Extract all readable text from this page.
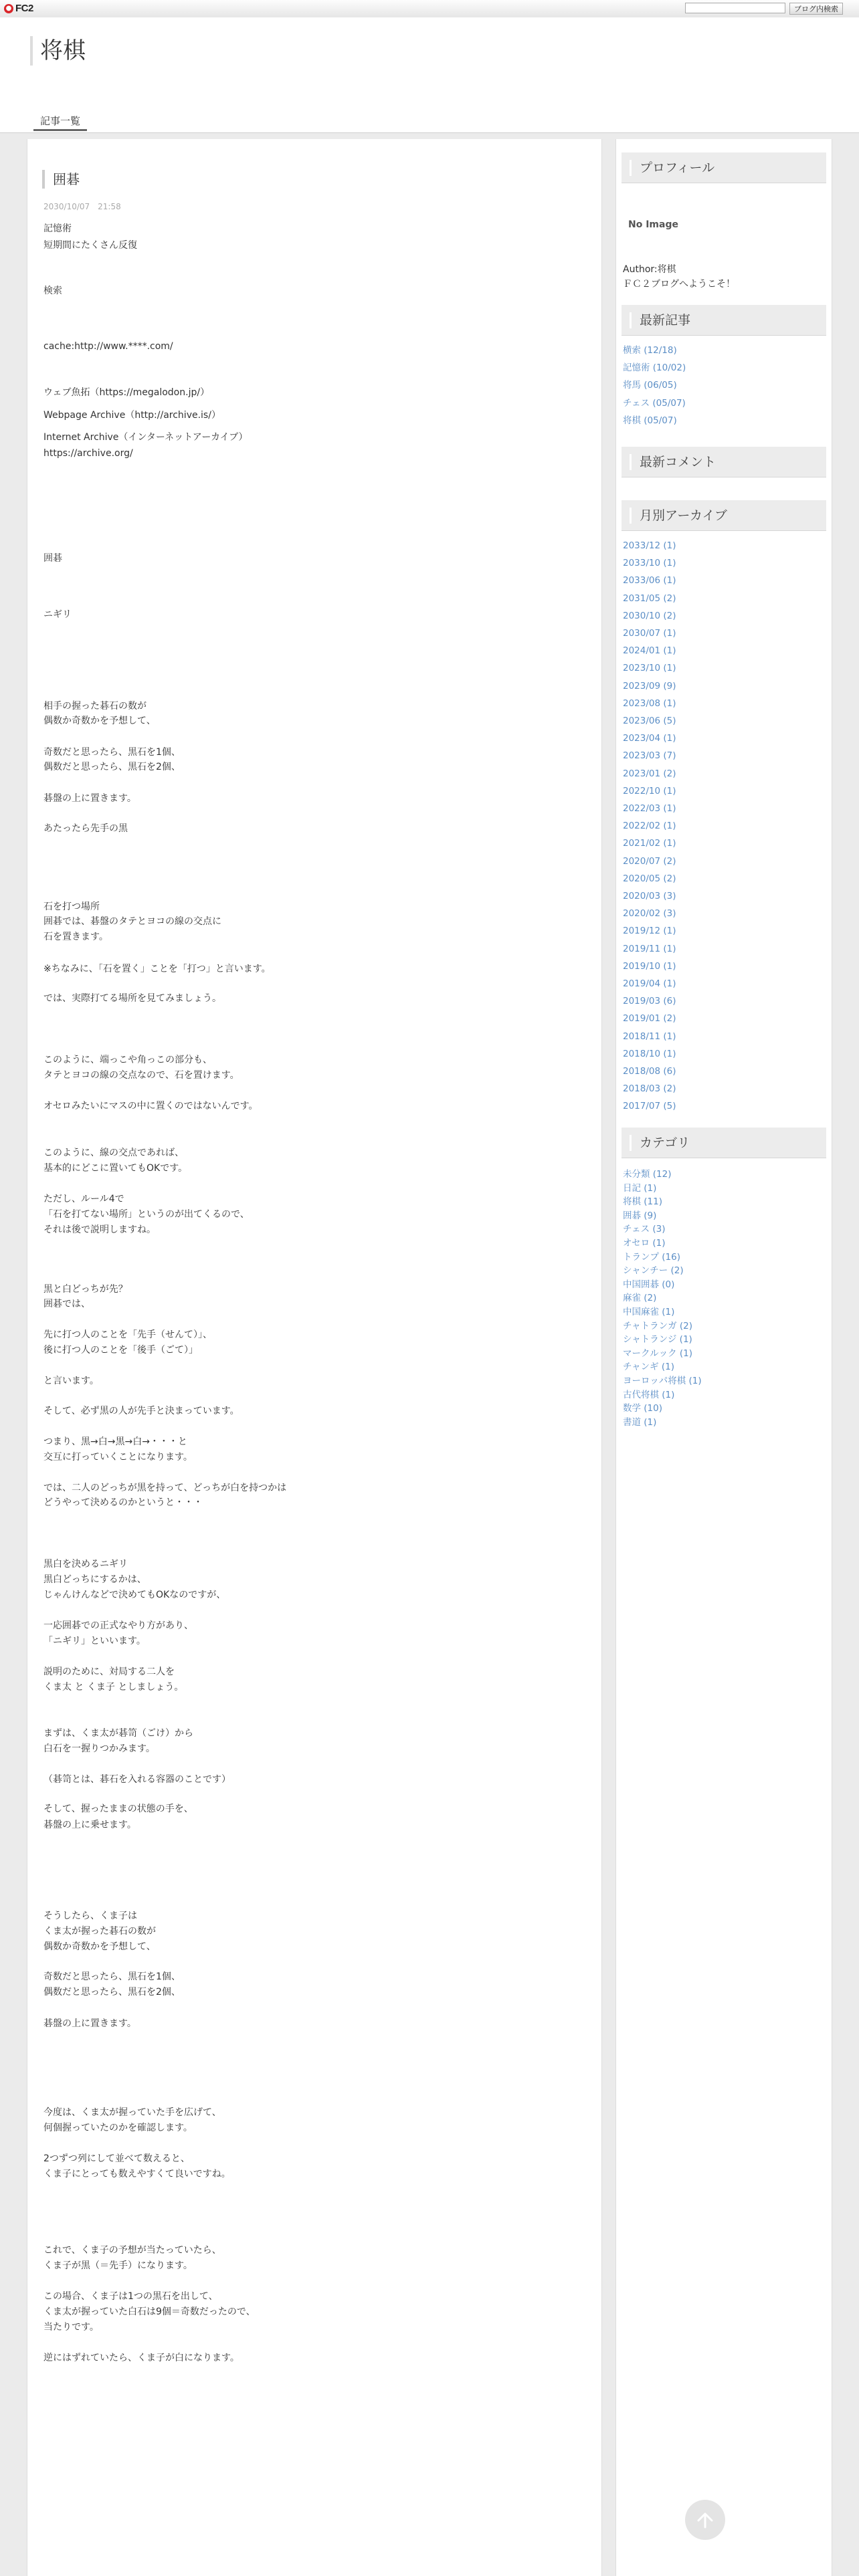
● FC2	ブログ内検索
将棋
記事一覧
囲碁
2030/10/07　21:58
記憶術
短期間にたくさん反復
検索
cache:http://www.****.com/
ウェブ魚拓（https://megalodon.jp/）
Webpage Archive（http://archive.is/）
Internet Archive（インターネットアーカイブ）
https://archive.org/
囲碁
ニギリ
相手の握った碁石の数が
偶数か奇数かを予想して、
奇数だと思ったら、黒石を1個、
偶数だと思ったら、黒石を2個、
碁盤の上に置きます。
あたったら先手の黒
石を打つ場所
囲碁では、碁盤のタテとヨコの線の交点に
石を置きます。
※ちなみに、「石を置く」ことを「打つ」と言います。
では、実際打てる場所を見てみましょう。
このように、端っこや角っこの部分も、
タテとヨコの線の交点なので、石を置けます。
オセロみたいにマスの中に置くのではないんです。
このように、線の交点であれば、
基本的にどこに置いてもOKです。
ただし、ルール4で
「石を打てない場所」というのが出てくるので、
それは後で説明しますね。
黒と白どっちが先？
囲碁では、
先に打つ人のことを「先手（せんて）」、
後に打つ人のことを「後手（ごて）」
と言います。
そして、必ず黒の人が先手と決まっています。
つまり、黒→白→黒→白→・・・と
交互に打っていくことになります。
では、二人のどっちが黒を持って、どっちが白を持つかは
どうやって決めるのかというと・・・
黒白を決めるニギリ
黒白どっちにするかは、
じゃんけんなどで決めてもOKなのですが、
一応囲碁での正式なやり方があり、
「ニギリ」といいます。
説明のために、対局する二人を
くま太 と くま子 としましょう。
まずは、くま太が碁笥（ごけ）から
白石を一握りつかみます。
（碁笥とは、碁石を入れる容器のことです）
そして、握ったままの状態の手を、
碁盤の上に乗せます。
そうしたら、くま子は
くま太が握った碁石の数が
偶数か奇数かを予想して、
奇数だと思ったら、黒石を1個、
偶数だと思ったら、黒石を2個、
碁盤の上に置きます。
今度は、くま太が握っていた手を広げて、
何個握っていたのかを確認します。
2つずつ列にして並べて数えると、
くま子にとっても数えやすくて良いですね。
これで、くま子の予想が当たっていたら、
くま子が黒（＝先手）になります。
この場合、くま子は1つの黒石を出して、
くま太が握っていた白石は9個＝奇数だったので、
当たりです。
逆にはずれていたら、くま子が白になります。
プロフィール
No Image
Author:将棋
ＦＣ２ブログへようこそ！
最新記事
横索 (12/18)
記憶術 (10/02)
将馬 (06/05)
チェス (05/07)
将棋 (05/07)
最新コメント
月別アーカイブ
2033/12 (1)
2033/10 (1)
2033/06 (1)
2031/05 (2)
2030/10 (2)
2030/07 (1)
2024/01 (1)
2023/10 (1)
2023/09 (9)
2023/08 (1)
2023/06 (5)
2023/04 (1)
2023/03 (7)
2023/01 (2)
2022/10 (1)
2022/03 (1)
2022/02 (1)
2021/02 (1)
2020/07 (2)
2020/05 (2)
2020/03 (3)
2020/02 (3)
2019/12 (1)
2019/11 (1)
2019/10 (1)
2019/04 (1)
2019/03 (6)
2019/01 (2)
2018/11 (1)
2018/10 (1)
2018/08 (6)
2018/03 (2)
2017/07 (5)
カテゴリ
未分類 (12)
日記 (1)
将棋 (11)
囲碁 (9)
チェス (3)
オセロ (1)
トランプ (16)
シャンチー (2)
中国囲碁 (0)
麻雀 (2)
中国麻雀 (1)
チャトランガ (2)
シャトランジ (1)
マークルック (1)
チャンギ (1)
ヨーロッパ将棋 (1)
古代将棋 (1)
数学 (10)
書道 (1)
